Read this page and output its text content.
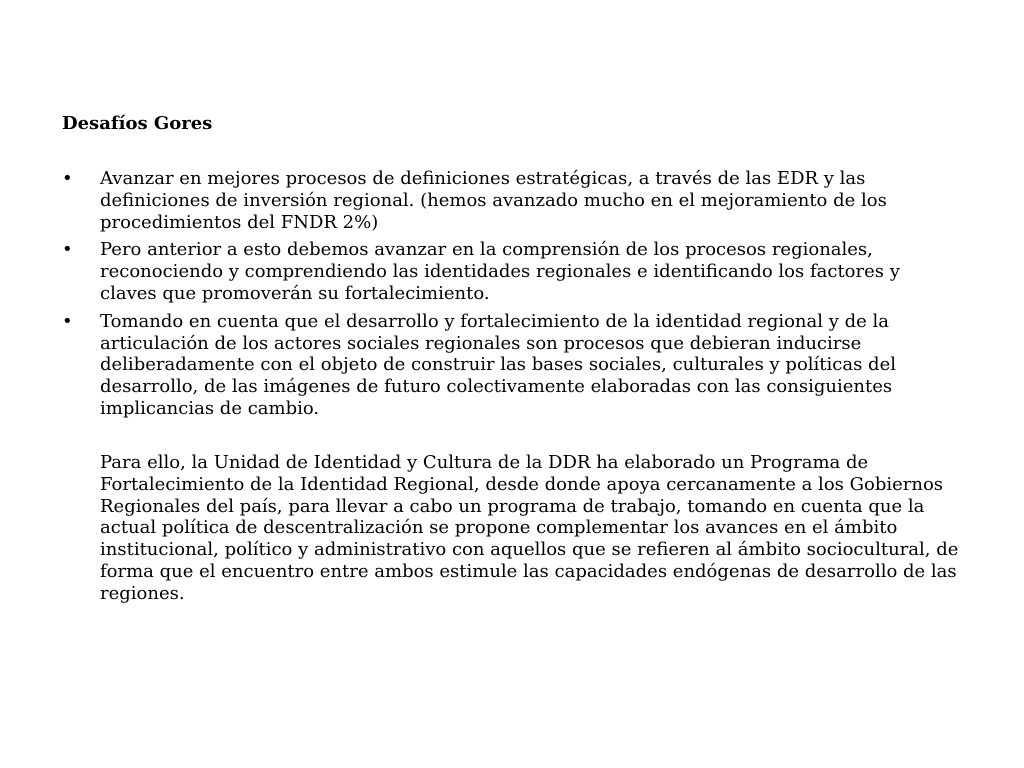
Desafíos Gores
• Avanzar en mejores procesos de definiciones estratégicas, a través de las EDR y las definiciones de inversión regional. (hemos avanzado mucho en el mejoramiento de los procedimientos del FNDR 2%)
• Pero anterior a esto debemos avanzar en la comprensión de los procesos regionales, reconociendo y comprendiendo las identidades regionales e identificando los factores y claves que promoverán su fortalecimiento.
• Tomando en cuenta que el desarrollo y fortalecimiento de la identidad regional y de la articulación de los actores sociales regionales son procesos que debieran inducirse deliberadamente con el objeto de construir las bases sociales, culturales y políticas del desarrollo, de las imágenes de futuro colectivamente elaboradas con las consiguientes implicancias de cambio.

Para ello, la Unidad de Identidad y Cultura de la DDR ha elaborado un Programa de Fortalecimiento de la Identidad Regional, desde donde apoya cercanamente a los Gobiernos Regionales del país, para llevar a cabo un programa de trabajo, tomando en cuenta que la actual política de descentralización se propone complementar los avances en el ámbito institucional, político y administrativo con aquellos que se refieren al ámbito sociocultural, de forma que el encuentro entre ambos estimule las capacidades endógenas de desarrollo de las regiones.
